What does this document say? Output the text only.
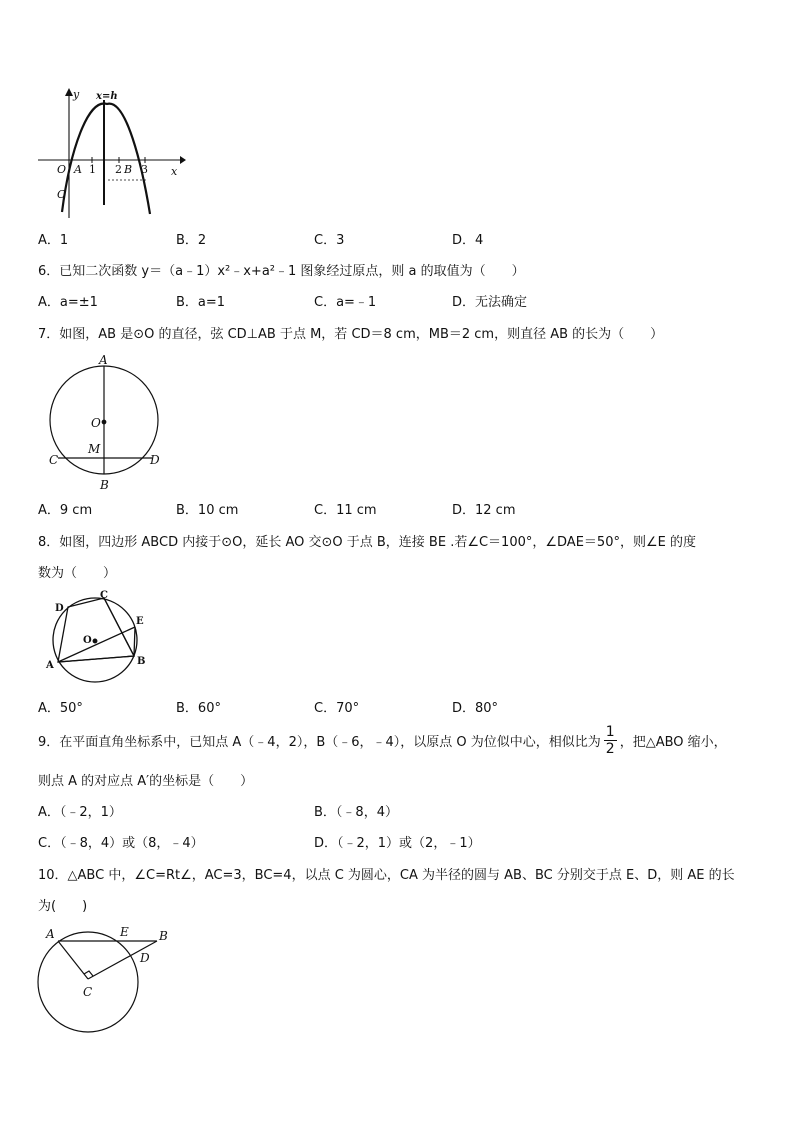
y x=h
O A 1 2 B 3 x
C
A．1	B．2	C．3	D．4
6．已知二次函数 y＝（a﹣1）x²﹣x+a²﹣1 图象经过原点，则 a 的取值为（　　）
A．a=±1	B．a=1	C．a=﹣1	D．无法确定
7．如图，AB 是⊙O 的直径，弦 CD⊥AB 于点 M，若 CD＝8 cm，MB＝2 cm，则直径 AB 的长为（　　）
A
O
M
C	D
B
A．9 cm	B．10 cm	C．11 cm	D．12 cm
8．如图，四边形 ABCD 内接于⊙O，延长 AO 交⊙O 于点 B，连接 BE .若∠C＝100°，∠DAE＝50°，则∠E 的度
数为（　　）
D
C
E
O
A	B
A．50°	B．60°	C．70°	D．80°
9．在平面直角坐标系中，已知点 A（﹣4，2），B（﹣6，﹣4），以原点 O 为位似中心，相似比为 $\frac{1}{2}$ ，把△ABO 缩小，
则点 A 的对应点 A′的坐标是（　　）
A．（﹣2，1）	B．（﹣8，4）
C．（﹣8，4）或（8，﹣4）	D．（﹣2，1）或（2，﹣1）
10．△ABC 中，∠C=Rt∠，AC=3，BC=4，以点 C 为圆心，CA 为半径的圆与 AB、BC 分别交于点 E、D，则 AE 的长
为(　　)
A	E	B
D
C
